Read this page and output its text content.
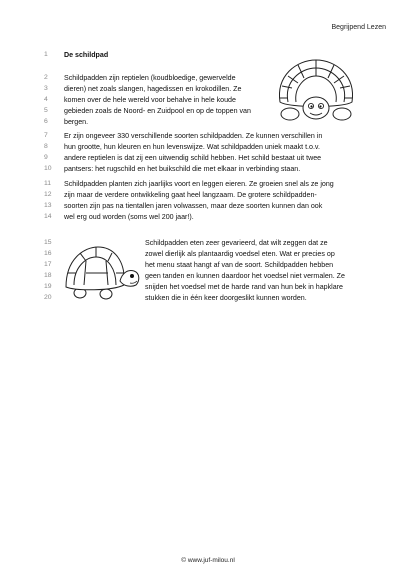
Begrijpend Lezen
1	De schildpad
2	Schildpadden zijn reptielen (koudbloedige, gewervelde
3	dieren) net zoals slangen, hagedissen en krokodillen. Ze
4	komen over de hele wereld voor behalve in hele koude
5	gebieden zoals de Noord- en Zuidpool en op de toppen van
6	bergen.
7	Er zijn ongeveer 330 verschillende soorten schildpadden. Ze kunnen verschillen in
8	hun grootte, hun kleuren en hun levenswijze. Wat schildpadden uniek maakt t.o.v.
9	andere reptielen is dat zij een uitwendig schild hebben. Het schild bestaat uit twee
10	pantsers: het rugschild en het buikschild die met elkaar in verbinding staan.
11	Schildpadden planten zich jaarlijks voort en leggen eieren. Ze groeien snel als ze jong
12	zijn maar de verdere ontwikkeling gaat heel langzaam. De grotere schildpadden-
13	soorten zijn pas na tientallen jaren volwassen, maar deze soorten kunnen dan ook
14	wel erg oud worden (soms wel 200 jaar!).
15	Schildpadden eten zeer gevarieerd, dat wilt zeggen dat ze
16	zowel dierlijk als plantaardig voedsel eten. Wat er precies op
17	het menu staat hangt af van de soort. Schildpadden hebben
18	geen tanden en kunnen daardoor het voedsel niet vermalen. Ze
19	snijden het voedsel met de harde rand van hun bek in hapklare
20	stukken die in één keer doorgeslikt kunnen worden.
© www.juf-milou.nl
